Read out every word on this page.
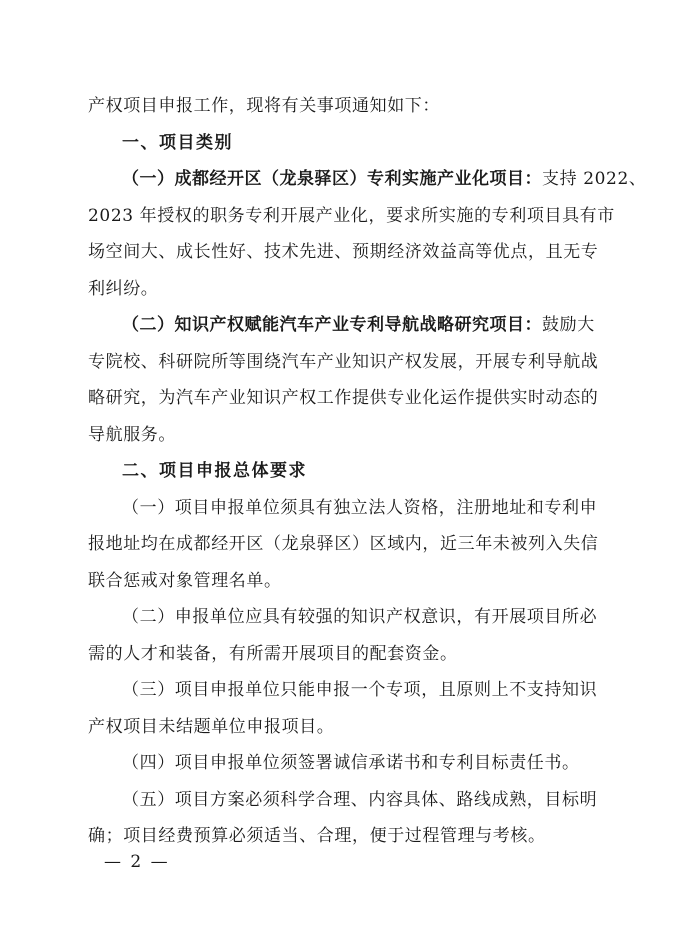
产权项目申报工作，现将有关事项通知如下：
一、项目类别
（一）成都经开区（龙泉驿区）专利实施产业化项目：支持 2022、
2023 年授权的职务专利开展产业化，要求所实施的专利项目具有市
场空间大、成长性好、技术先进、预期经济效益高等优点，且无专
利纠纷。
（二）知识产权赋能汽车产业专利导航战略研究项目：鼓励大
专院校、科研院所等围绕汽车产业知识产权发展，开展专利导航战
略研究，为汽车产业知识产权工作提供专业化运作提供实时动态的
导航服务。
二、项目申报总体要求
（一）项目申报单位须具有独立法人资格，注册地址和专利申
报地址均在成都经开区（龙泉驿区）区域内，近三年未被列入失信
联合惩戒对象管理名单。
（二）申报单位应具有较强的知识产权意识，有开展项目所必
需的人才和装备，有所需开展项目的配套资金。
（三）项目申报单位只能申报一个专项，且原则上不支持知识
产权项目未结题单位申报项目。
（四）项目申报单位须签署诚信承诺书和专利目标责任书。
（五）项目方案必须科学合理、内容具体、路线成熟，目标明
确；项目经费预算必须适当、合理，便于过程管理与考核。
— 2 —
